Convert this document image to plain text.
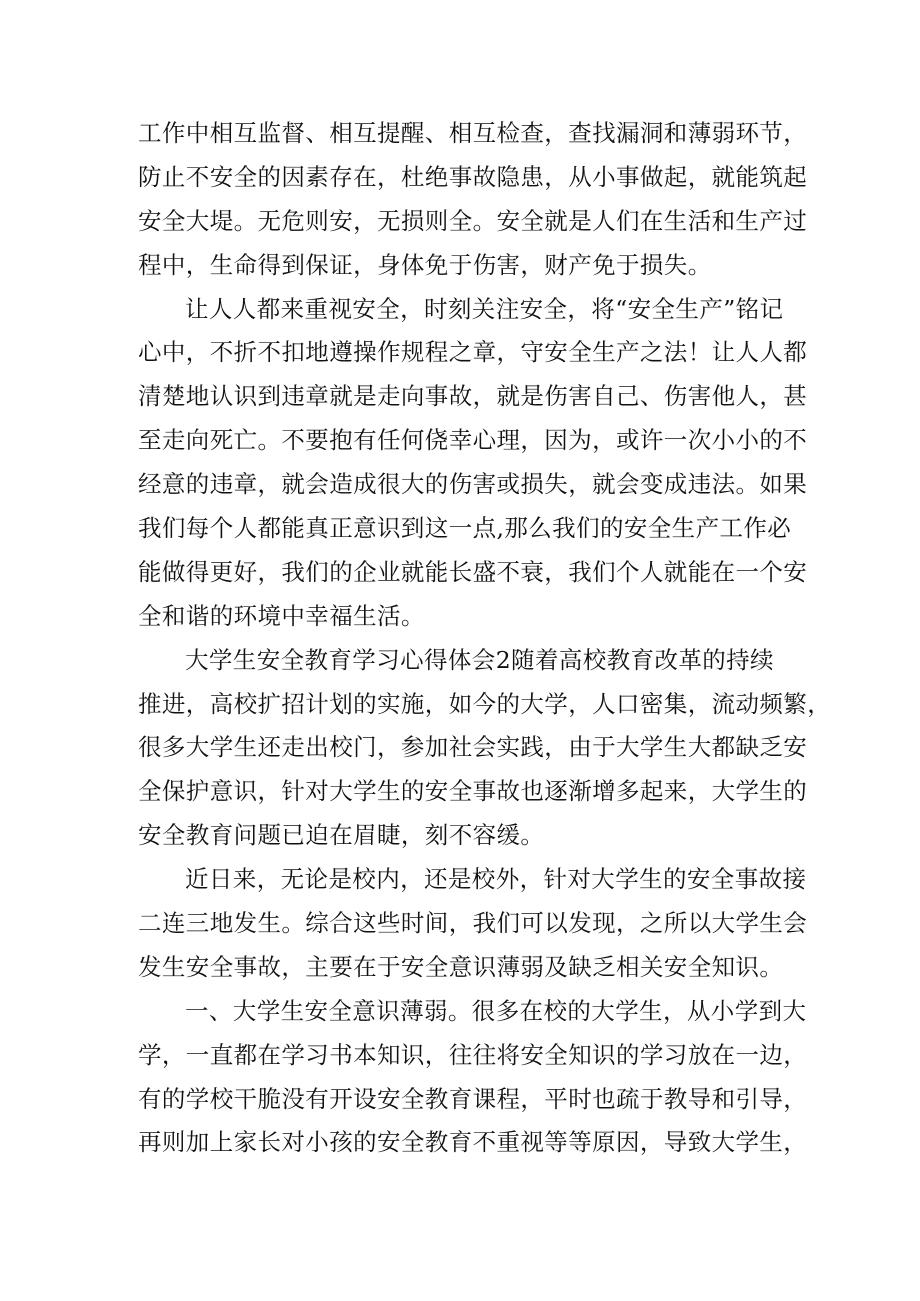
工作中相互监督、相互提醒、相互检查，查找漏洞和薄弱环节，
防止不安全的因素存在，杜绝事故隐患，从小事做起，就能筑起
安全大堤。无危则安，无损则全。安全就是人们在生活和生产过
程中，生命得到保证，身体免于伤害，财产免于损失。
让人人都来重视安全，时刻关注安全，将“安全生产”铭记
心中，不折不扣地遵操作规程之章，守安全生产之法！让人人都
清楚地认识到违章就是走向事故，就是伤害自己、伤害他人，甚
至走向死亡。不要抱有任何侥幸心理，因为，或许一次小小的不
经意的违章，就会造成很大的伤害或损失，就会变成违法。如果
我们每个人都能真正意识到这一点,那么我们的安全生产工作必
能做得更好，我们的企业就能长盛不衰，我们个人就能在一个安
全和谐的环境中幸福生活。
大学生安全教育学习心得体会2随着高校教育改革的持续
推进，高校扩招计划的实施，如今的大学，人口密集，流动频繁，
很多大学生还走出校门，参加社会实践，由于大学生大都缺乏安
全保护意识，针对大学生的安全事故也逐渐增多起来，大学生的
安全教育问题已迫在眉睫，刻不容缓。
近日来，无论是校内，还是校外，针对大学生的安全事故接
二连三地发生。综合这些时间，我们可以发现，之所以大学生会
发生安全事故，主要在于安全意识薄弱及缺乏相关安全知识。
一、大学生安全意识薄弱。很多在校的大学生，从小学到大
学，一直都在学习书本知识，往往将安全知识的学习放在一边，
有的学校干脆没有开设安全教育课程，平时也疏于教导和引导，
再则加上家长对小孩的安全教育不重视等等原因，导致大学生，
